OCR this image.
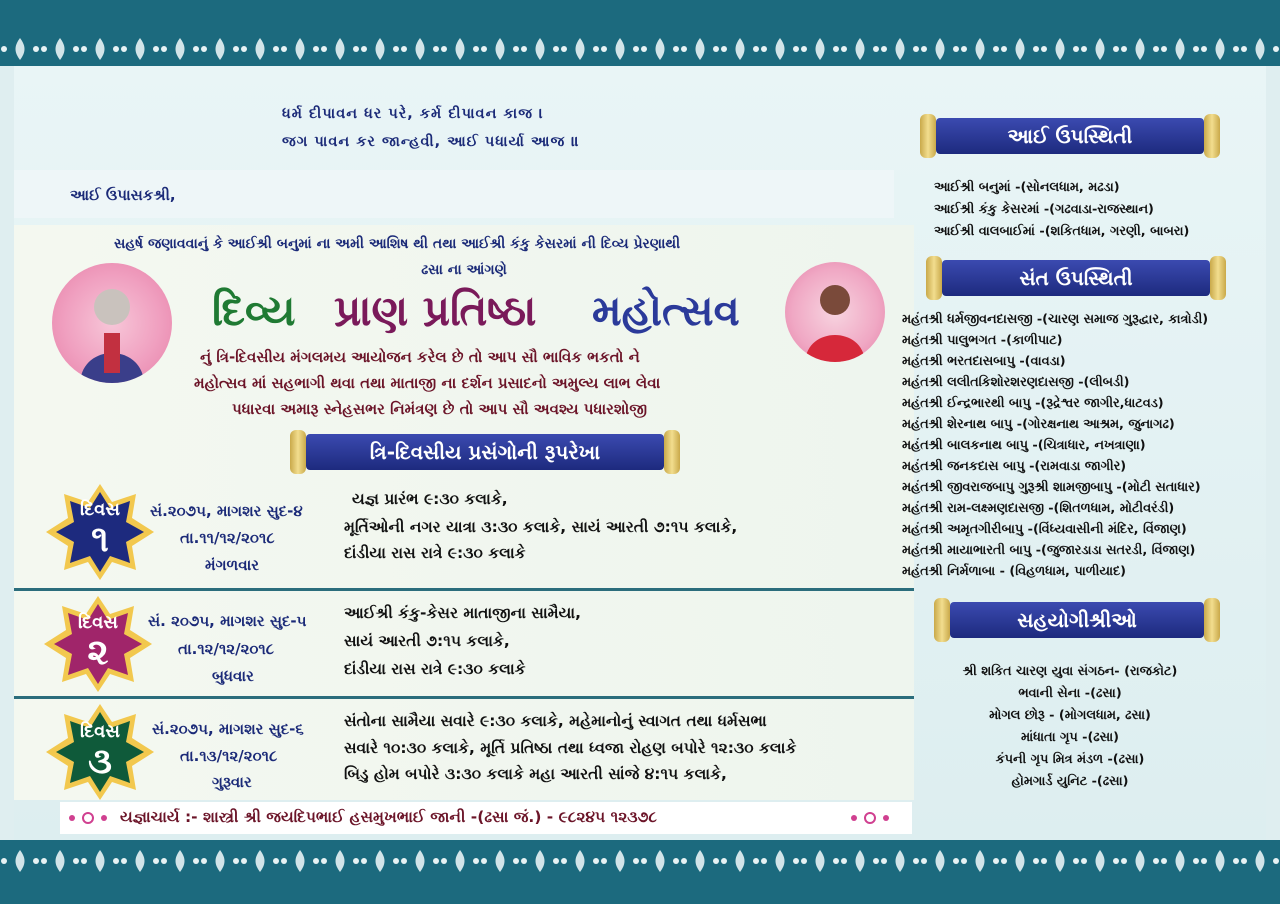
ધર્મ દીપાવન ધર પરે, કર્મ દીપાવન કાજ ।
જગ પાવન કર જાન્હવી, આઈ પધાર્યા આજ ॥
આઈ ઉપાસકશ્રી,
સહર્ષ જણાવવાનું કે આઈશ્રી બનુમાં ના અમી આશિષ થી તથા આઈશ્રી કંકુ કેસરમાં ની દિવ્ય પ્રેરણાથી
ઢસા ના આંગણે
દિવ્ય પ્રાણ પ્રતિષ્ઠા મહોત્સવ
નું ત્રિ-દિવસીય મંગલમય આયોજન કરેલ છે તો આપ સૌ ભાવિક ભકતો ને
મહોત્સવ માં સહભાગી થવા તથા માતાજી ના દર્શન પ્રસાદનો અમુલ્ય લાભ લેવા
પધારવા અમારૂ સ્નેહસભર નિમંત્રણ છે તો આપ સૌ અવશ્ય પધારશોજી
ત્રિ-દિવસીય પ્રસંગોની રૂપરેખા
દિવસ
૧
સં.૨૦૭૫, માગશર સુદ-૪
તા.૧૧/૧૨/૨૦૧૮
મંગળવાર
યજ્ઞ પ્રારંભ ૯:૩૦ કલાકે,
મૂર્તિઓની નગર યાત્રા ૩:૩૦ કલાકે, સાયં આરતી ૭:૧૫ કલાકે,
દાંડીયા રાસ રાત્રે ૯:૩૦ કલાકે
દિવસ
૨
સં. ૨૦૭૫, માગશર સુદ-૫
તા.૧૨/૧૨/૨૦૧૮
બુધવાર
આઈશ્રી કંકુ-કેસર માતાજીના સામૈયા,
સાયં આરતી ૭:૧૫ કલાકે,
દાંડીયા રાસ રાત્રે ૯:૩૦ કલાકે
દિવસ
૩
સં.૨૦૭૫, માગશર સુદ-૬
તા.૧૩/૧૨/૨૦૧૮
ગુરૂવાર
સંતોના સામૈયા સવારે ૯:૩૦ કલાકે, મહેમાનોનું સ્વાગત તથા ધર્મસભા
સવારે ૧૦:૩૦ કલાકે, મૂર્તિ પ્રતિષ્ઠા તથા ધ્વજા રોહણ બપોરે ૧૨:૩૦ કલાકે
બિડુ હોમ બપોરે ૩:૩૦ કલાકે મહા આરતી સાંજે ૪:૧૫ કલાકે,
યજ્ઞાચાર્ય :- શાસ્ત્રી શ્રી જયદિપભાઈ હસમુખભાઈ જાની -(ઢસા જં.) - ૯૮૨૪૫ ૧૨૩૭૮
આઈ ઉપસ્થિતી
આઈશ્રી બનુમાં -(સોનલધામ, મઢડા)
આઈશ્રી કંકુ કેસરમાં -(ગઢવાડા-રાજસ્થાન)
આઈશ્રી વાલબાઈમાં -(શકિતધામ, ગરણી, બાબરા)
સંત ઉપસ્થિતી
મહંતશ્રી ધર્મજીવનદાસજી -(ચારણ સમાજ ગુરૂદ્વાર, કાત્રોડી)
મહંતશ્રી પાલુભગત -(કાળીપાટ)
મહંતશ્રી ભરતદાસબાપુ -(વાવડા)
મહંતશ્રી લલીતકિશોરશરણદાસજી -(લીબડી)
મહંતશ્રી ઈન્દ્રભારથી બાપુ -(રૂદ્રેશ્વર જાગીર,ધાટવડ)
મહંતશ્રી શેરનાથ બાપુ -(ગોરક્ષનાથ આશ્રમ, જુનાગઢ)
મહંતશ્રી બાલકનાથ બાપુ -(ચિત્રાધાર, નખત્રાણા)
મહંતશ્રી જનકદાસ બાપુ -(રામવાડા જાગીર)
મહંતશ્રી જીવરાજબાપુ ગુરૂશ્રી શામજીબાપુ -(મોટી સતાધાર)
મહંતશ્રી રામ-લક્ષ્મણદાસજી -(શિતળધામ, મોટીવરંડી)
મહંતશ્રી અમૃતગીરીબાપુ -(વિંધ્યવાસીની મંદિર, વિંજાણ)
મહંતશ્રી માયાભારતી બાપુ -(જુજારડાડા સતરડી, વિંજાણ)
મહંતશ્રી નિર્મળાબા - (વિહળધામ, પાળીયાદ)
સહયોગીશ્રીઓ
શ્રી શકિત ચારણ યુવા સંગઠન- (રાજકોટ)
ભવાની સેના -(ઢસા)
મોગલ છોરૂ - (મોગલધામ, ઢસા)
માંધાતા ગૃપ -(ઢસા)
કંપની ગૃપ મિત્ર મંડળ -(ઢસા)
હોમગાર્ડ યુનિટ -(ઢસા)
